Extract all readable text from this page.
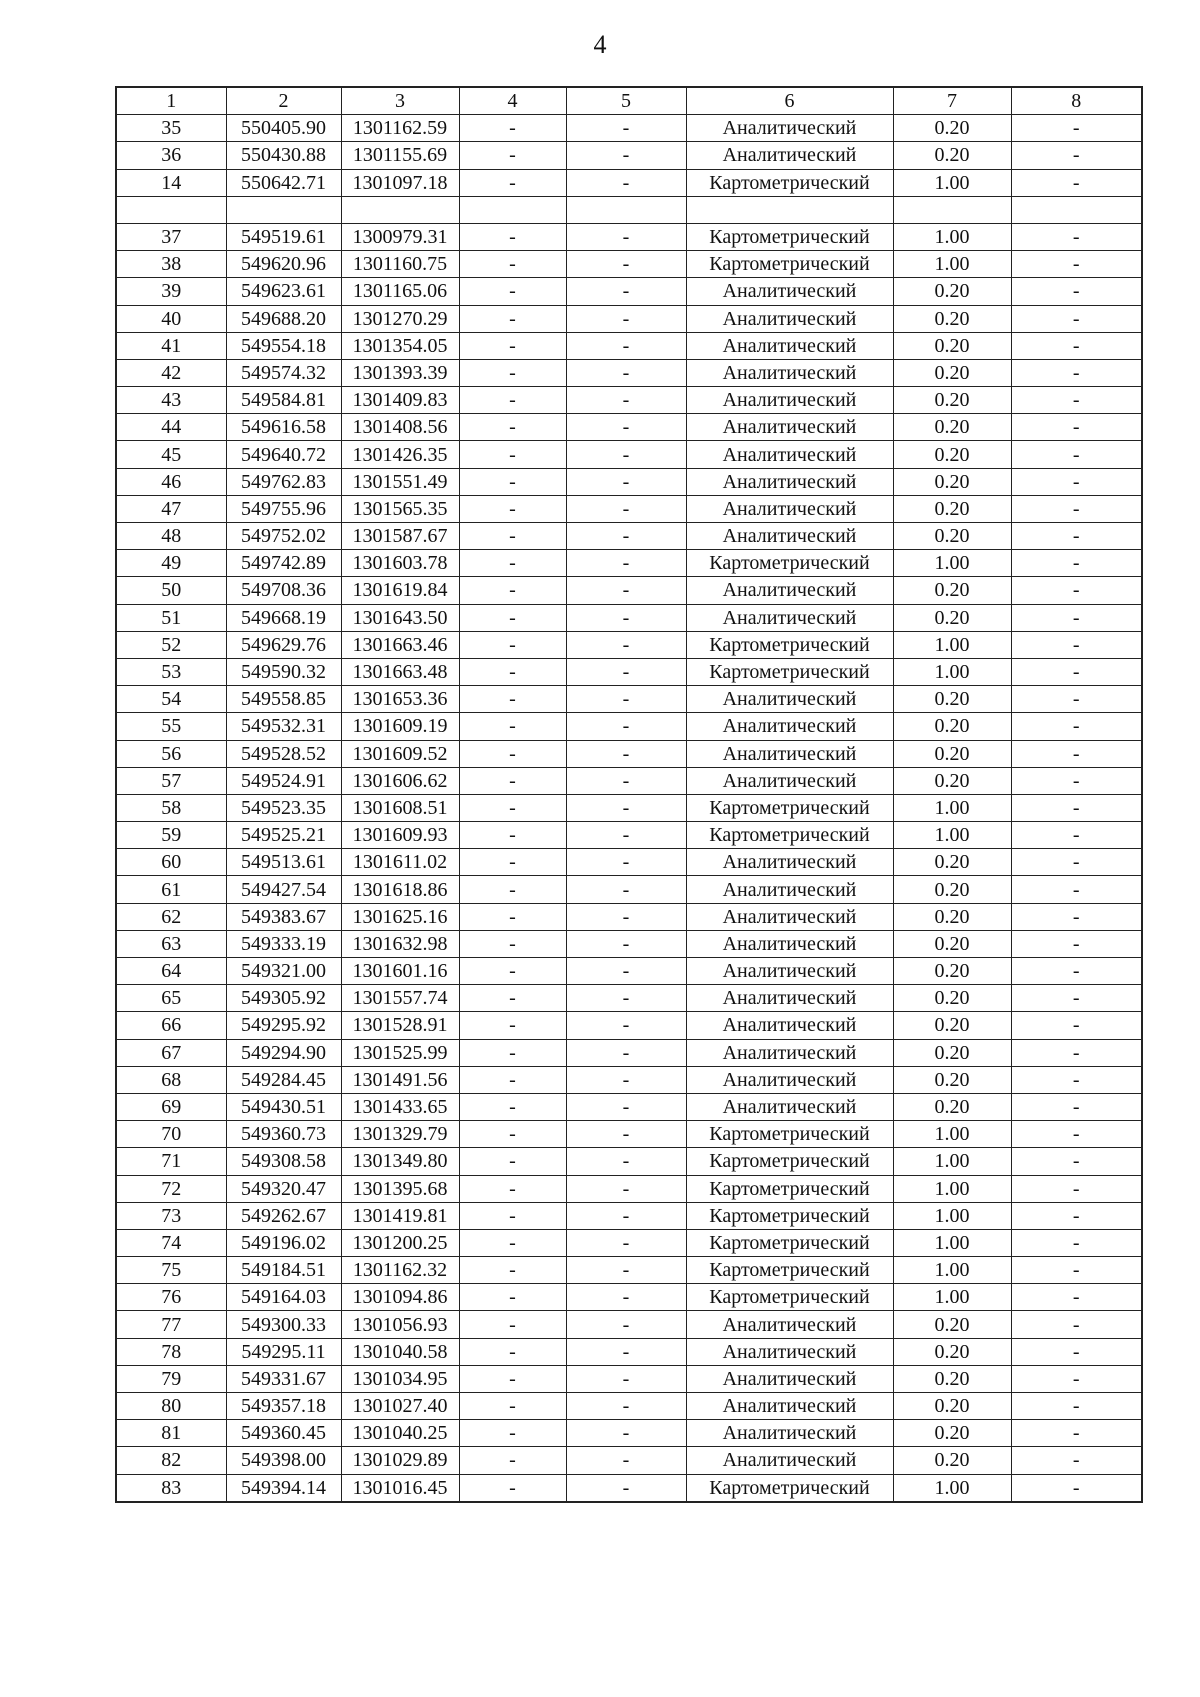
4
1	2	3	4	5	6	7	8
35	550405.90	1301162.59	-	-	Аналитический	0.20	-
36	550430.88	1301155.69	-	-	Аналитический	0.20	-
14	550642.71	1301097.18	-	-	Картометрический	1.00	-

37	549519.61	1300979.31	-	-	Картометрический	1.00	-
38	549620.96	1301160.75	-	-	Картометрический	1.00	-
39	549623.61	1301165.06	-	-	Аналитический	0.20	-
40	549688.20	1301270.29	-	-	Аналитический	0.20	-
41	549554.18	1301354.05	-	-	Аналитический	0.20	-
42	549574.32	1301393.39	-	-	Аналитический	0.20	-
43	549584.81	1301409.83	-	-	Аналитический	0.20	-
44	549616.58	1301408.56	-	-	Аналитический	0.20	-
45	549640.72	1301426.35	-	-	Аналитический	0.20	-
46	549762.83	1301551.49	-	-	Аналитический	0.20	-
47	549755.96	1301565.35	-	-	Аналитический	0.20	-
48	549752.02	1301587.67	-	-	Аналитический	0.20	-
49	549742.89	1301603.78	-	-	Картометрический	1.00	-
50	549708.36	1301619.84	-	-	Аналитический	0.20	-
51	549668.19	1301643.50	-	-	Аналитический	0.20	-
52	549629.76	1301663.46	-	-	Картометрический	1.00	-
53	549590.32	1301663.48	-	-	Картометрический	1.00	-
54	549558.85	1301653.36	-	-	Аналитический	0.20	-
55	549532.31	1301609.19	-	-	Аналитический	0.20	-
56	549528.52	1301609.52	-	-	Аналитический	0.20	-
57	549524.91	1301606.62	-	-	Аналитический	0.20	-
58	549523.35	1301608.51	-	-	Картометрический	1.00	-
59	549525.21	1301609.93	-	-	Картометрический	1.00	-
60	549513.61	1301611.02	-	-	Аналитический	0.20	-
61	549427.54	1301618.86	-	-	Аналитический	0.20	-
62	549383.67	1301625.16	-	-	Аналитический	0.20	-
63	549333.19	1301632.98	-	-	Аналитический	0.20	-
64	549321.00	1301601.16	-	-	Аналитический	0.20	-
65	549305.92	1301557.74	-	-	Аналитический	0.20	-
66	549295.92	1301528.91	-	-	Аналитический	0.20	-
67	549294.90	1301525.99	-	-	Аналитический	0.20	-
68	549284.45	1301491.56	-	-	Аналитический	0.20	-
69	549430.51	1301433.65	-	-	Аналитический	0.20	-
70	549360.73	1301329.79	-	-	Картометрический	1.00	-
71	549308.58	1301349.80	-	-	Картометрический	1.00	-
72	549320.47	1301395.68	-	-	Картометрический	1.00	-
73	549262.67	1301419.81	-	-	Картометрический	1.00	-
74	549196.02	1301200.25	-	-	Картометрический	1.00	-
75	549184.51	1301162.32	-	-	Картометрический	1.00	-
76	549164.03	1301094.86	-	-	Картометрический	1.00	-
77	549300.33	1301056.93	-	-	Аналитический	0.20	-
78	549295.11	1301040.58	-	-	Аналитический	0.20	-
79	549331.67	1301034.95	-	-	Аналитический	0.20	-
80	549357.18	1301027.40	-	-	Аналитический	0.20	-
81	549360.45	1301040.25	-	-	Аналитический	0.20	-
82	549398.00	1301029.89	-	-	Аналитический	0.20	-
83	549394.14	1301016.45	-	-	Картометрический	1.00	-
